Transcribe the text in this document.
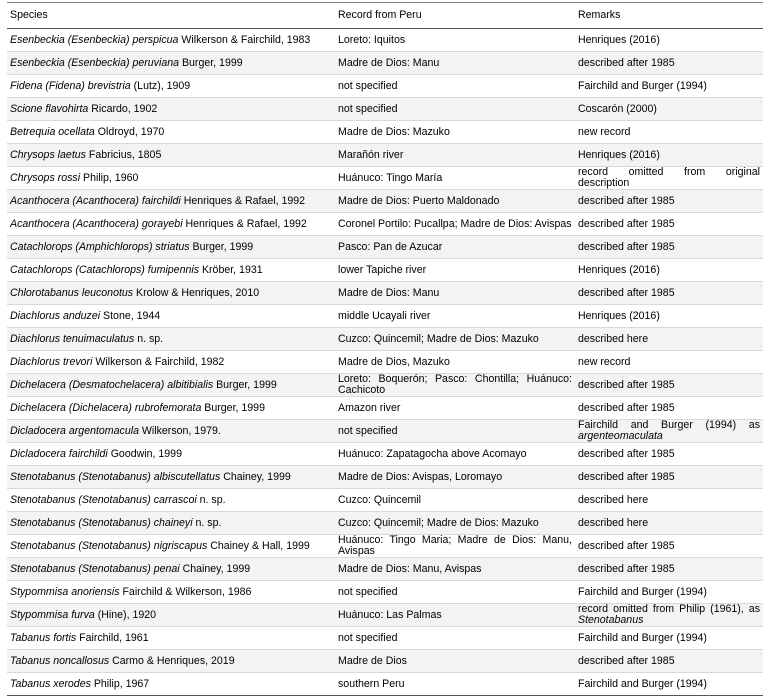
Species	Record from Peru	Remarks
Esenbeckia (Esenbeckia) perspicua Wilkerson & Fairchild, 1983	Loreto: Iquitos	Henriques (2016)
Esenbeckia (Esenbeckia) peruviana Burger, 1999	Madre de Dios: Manu	described after 1985
Fidena (Fidena) brevistria (Lutz), 1909	not specified	Fairchild and Burger (1994)
Scione flavohirta Ricardo, 1902	not specified	Coscarón (2000)
Betrequia ocellata Oldroyd, 1970	Madre de Dios: Mazuko	new record
Chrysops laetus Fabricius, 1805	Marañón river	Henriques (2016)
Chrysops rossi Philip, 1960	Huánuco: Tingo María	record omitted from original description
Acanthocera (Acanthocera) fairchildi Henriques & Rafael, 1992	Madre de Dios: Puerto Maldonado	described after 1985
Acanthocera (Acanthocera) gorayebi Henriques & Rafael, 1992	Coronel Portilo: Pucallpa; Madre de Dios: Avispas	described after 1985
Catachlorops (Amphichlorops) striatus Burger, 1999	Pasco: Pan de Azucar	described after 1985
Catachlorops (Catachlorops) fumipennis Kröber, 1931	lower Tapiche river	Henriques (2016)
Chlorotabanus leuconotus Krolow & Henriques, 2010	Madre de Dios: Manu	described after 1985
Diachlorus anduzei Stone, 1944	middle Ucayali river	Henriques (2016)
Diachlorus tenuimaculatus n. sp.	Cuzco: Quincemil; Madre de Dios: Mazuko	described here
Diachlorus trevori Wilkerson & Fairchild, 1982	Madre de Dios, Mazuko	new record
Dichelacera (Desmatochelacera) albitibialis Burger, 1999	Loreto: Boquerón; Pasco: Chontilla; Huánuco: Cachicoto	described after 1985
Dichelacera (Dichelacera) rubrofemorata Burger, 1999	Amazon river	described after 1985
Dicladocera argentomacula Wilkerson, 1979.	not specified	Fairchild and Burger (1994) as argenteomaculata
Dicladocera fairchildi Goodwin, 1999	Huánuco: Zapatagocha above Acomayo	described after 1985
Stenotabanus (Stenotabanus) albiscutellatus Chainey, 1999	Madre de Dios: Avispas, Loromayo	described after 1985
Stenotabanus (Stenotabanus) carrascoi n. sp.	Cuzco: Quincemil	described here
Stenotabanus (Stenotabanus) chaineyi n. sp.	Cuzco: Quincemil; Madre de Dios: Mazuko	described here
Stenotabanus (Stenotabanus) nigriscapus Chainey & Hall, 1999	Huánuco: Tingo Maria; Madre de Dios: Manu, Avispas	described after 1985
Stenotabanus (Stenotabanus) penai Chainey, 1999	Madre de Dios: Manu, Avispas	described after 1985
Stypommisa anoriensis Fairchild & Wilkerson, 1986	not specified	Fairchild and Burger (1994)
Stypommisa furva (Hine), 1920	Huánuco: Las Palmas	record omitted from Philip (1961), as Stenotabanus
Tabanus fortis Fairchild, 1961	not specified	Fairchild and Burger (1994)
Tabanus noncallosus Carmo & Henriques, 2019	Madre de Dios	described after 1985
Tabanus xerodes Philip, 1967	southern Peru	Fairchild and Burger (1994)
